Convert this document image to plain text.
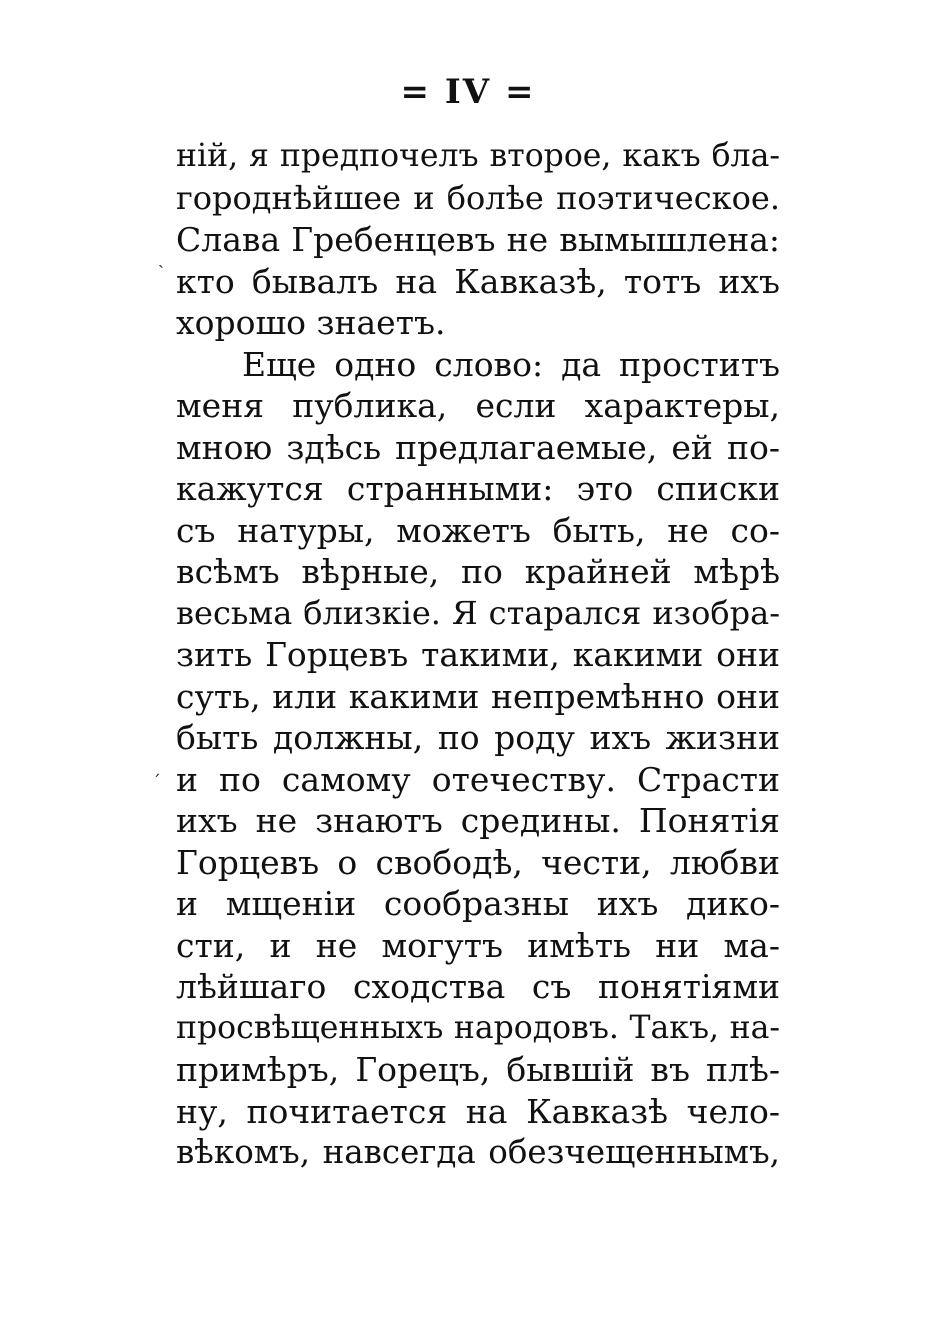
= IV =
ˏ
ˊ
ній, я предпочелъ второе, какъ бла-
городнѣйшее и болѣе поэтическое.
Слава Гребенцевъ не вымышлена:
кто бывалъ на Кавказѣ, тотъ ихъ
хорошо знаетъ.
Еще одно слово: да проститъ
меня публика, если характеры,
мною здѣсь предлагаемые, ей по-
кажутся странными: это списки
съ натуры, можетъ быть, не со-
всѣмъ вѣрные, по крайней мѣрѣ
весьма близкіе. Я старался изобра-
зить Горцевъ такими, какими они
суть, или какими непремѣнно они
быть должны, по роду ихъ жизни
и по самому отечеству. Страсти
ихъ не знаютъ средины. Понятія
Горцевъ о свободѣ, чести, любви
и мщеніи сообразны ихъ дико-
сти, и не могутъ имѣть ни ма-
лѣйшаго сходства съ понятіями
просвѣщенныхъ народовъ. Такъ, на-
примѣръ, Горецъ, бывшій въ плѣ-
ну, почитается на Кавказѣ чело-
вѣкомъ, навсегда обезчещеннымъ,
